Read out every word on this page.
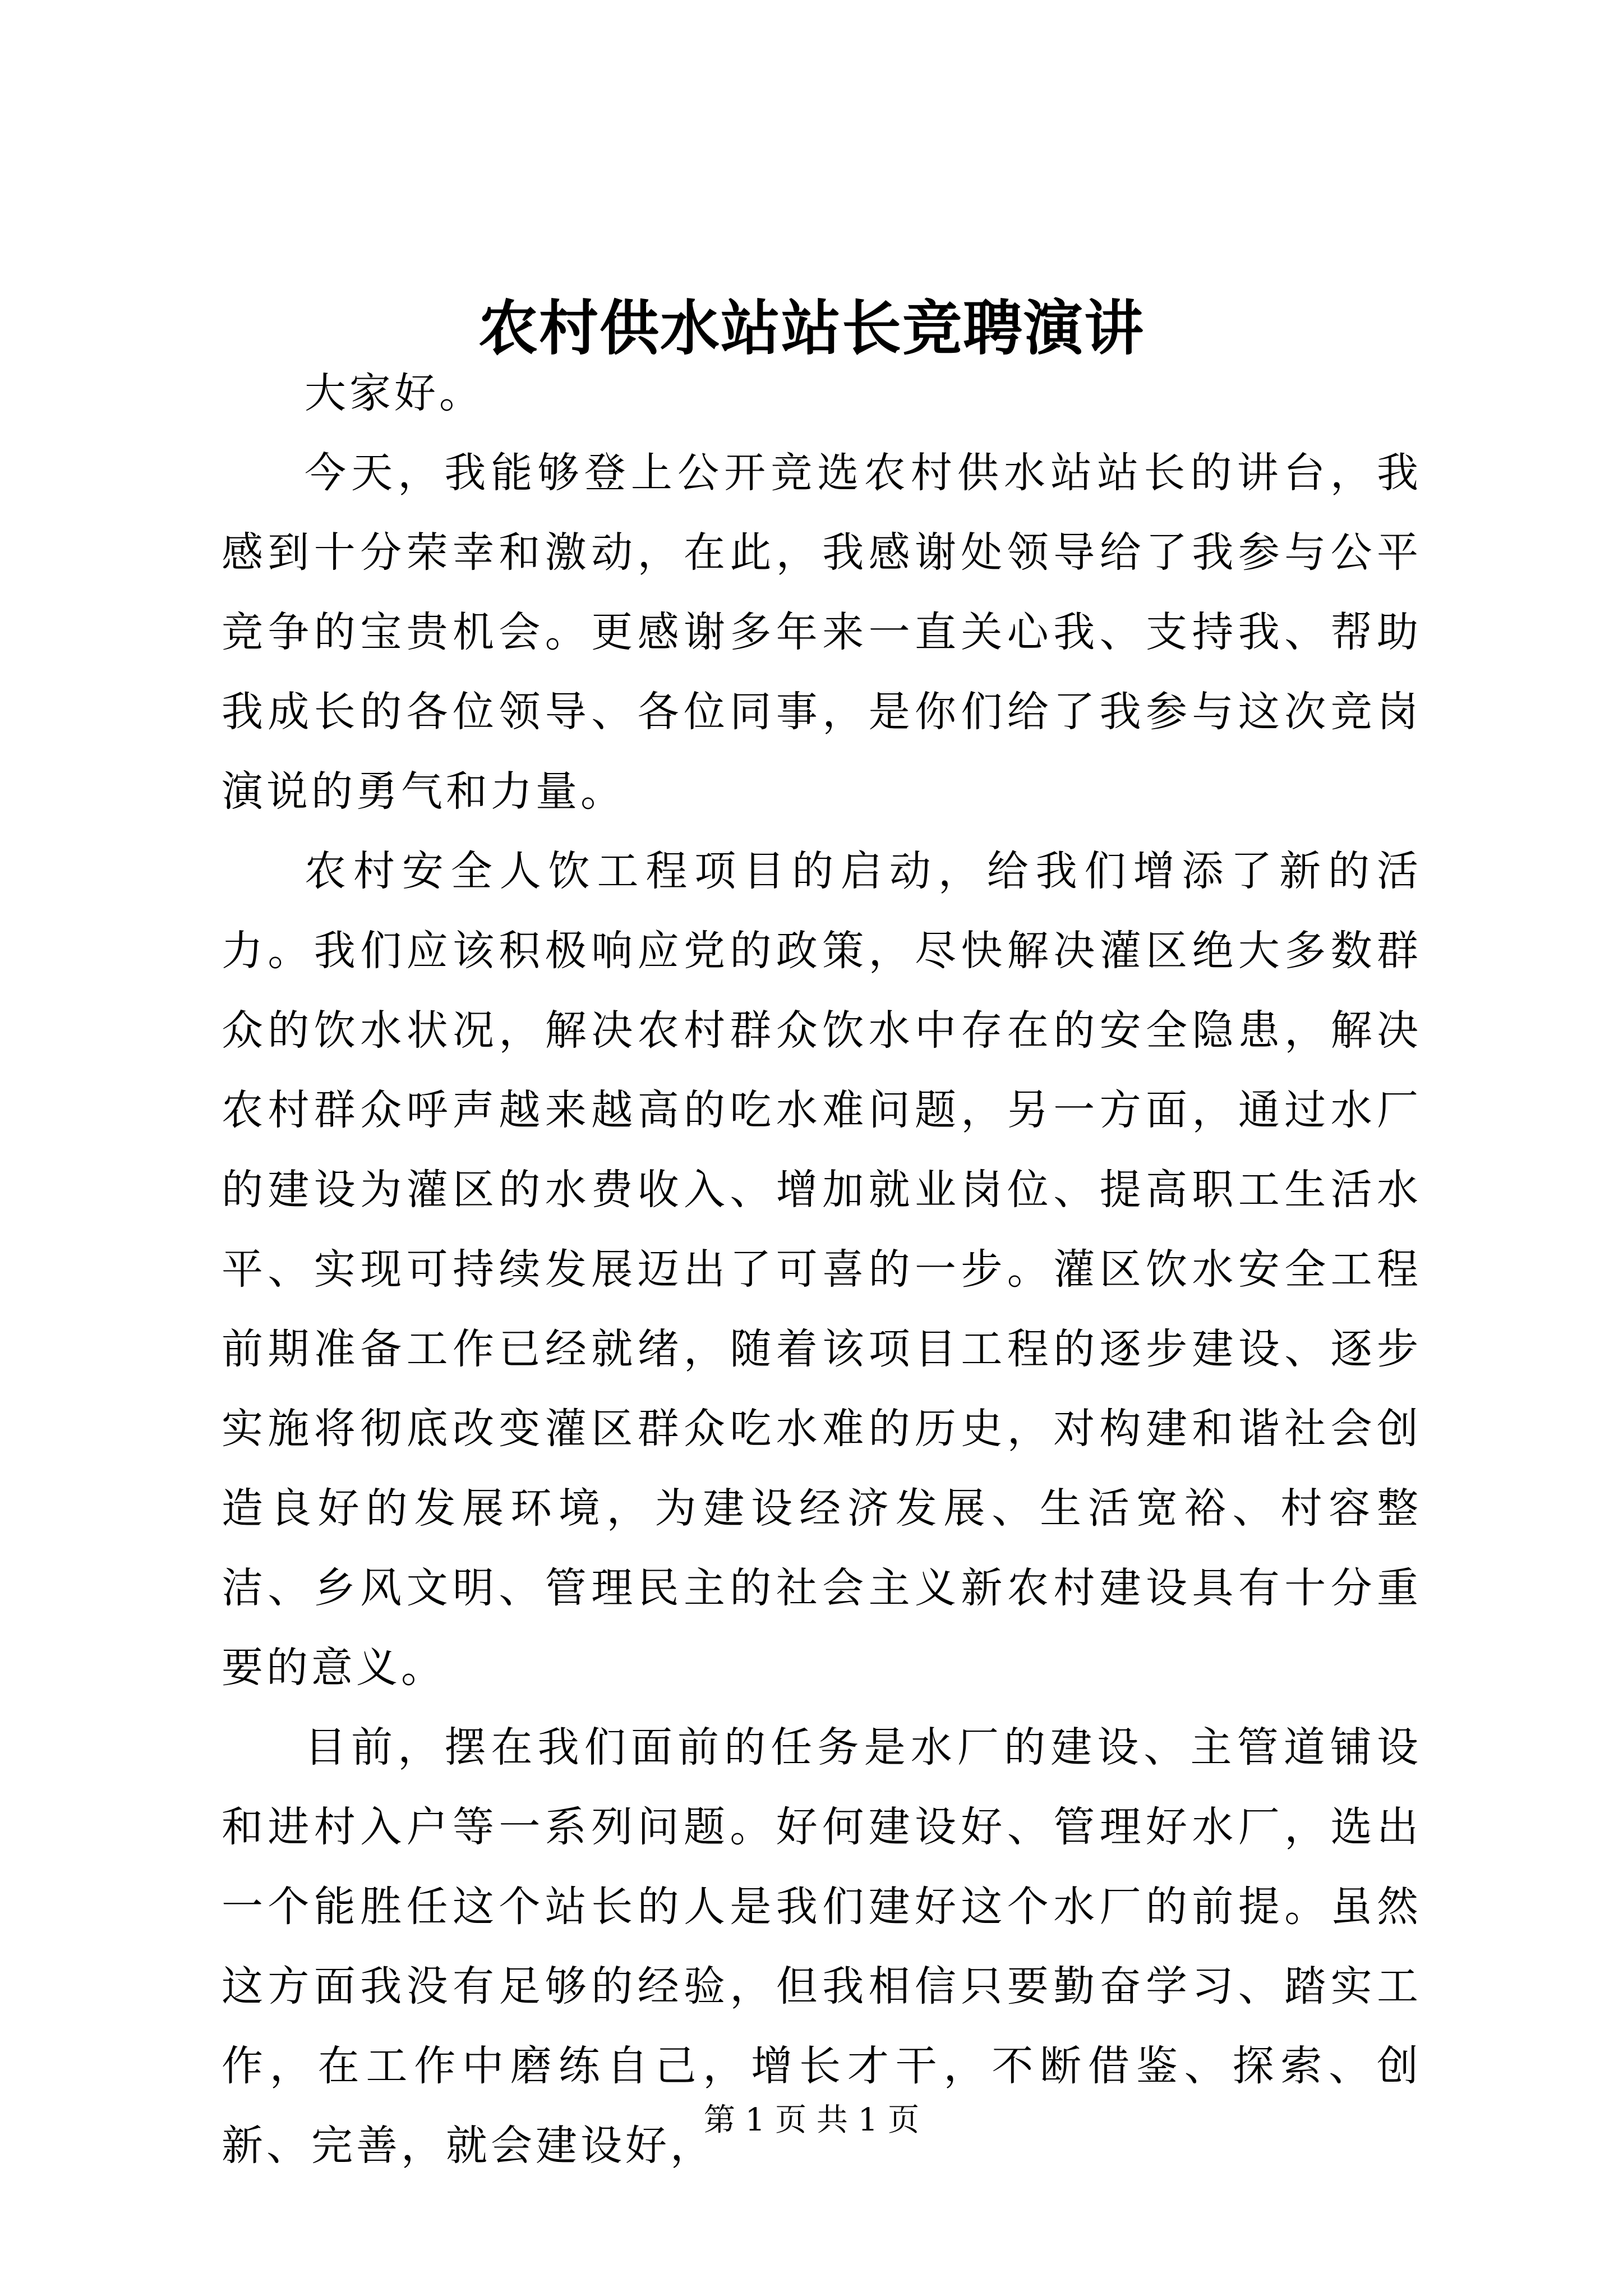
农村供水站站长竞聘演讲

大家好。

今天，我能够登上公开竞选农村供水站站长的讲台，我感到十分荣幸和激动，在此，我感谢处领导给了我参与公平竞争的宝贵机会。更感谢多年来一直关心我、支持我、帮助我成长的各位领导、各位同事，是你们给了我参与这次竞岗演说的勇气和力量。

农村安全人饮工程项目的启动，给我们增添了新的活力。我们应该积极响应党的政策，尽快解决灌区绝大多数群众的饮水状况，解决农村群众饮水中存在的安全隐患，解决农村群众呼声越来越高的吃水难问题，另一方面，通过水厂的建设为灌区的水费收入、增加就业岗位、提高职工生活水平、实现可持续发展迈出了可喜的一步。灌区饮水安全工程前期准备工作已经就绪，随着该项目工程的逐步建设、逐步实施将彻底改变灌区群众吃水难的历史，对构建和谐社会创造良好的发展环境，为建设经济发展、生活宽裕、村容整洁、乡风文明、管理民主的社会主义新农村建设具有十分重要的意义。

目前，摆在我们面前的任务是水厂的建设、主管道铺设和进村入户等一系列问题。好何建设好、管理好水厂，选出一个能胜任这个站长的人是我们建好这个水厂的前提。虽然这方面我没有足够的经验，但我相信只要勤奋学习、踏实工作，在工作中磨练自己，增长才干，不断借鉴、探索、创新、完善，就会建设好，

第 1 页 共 1 页
